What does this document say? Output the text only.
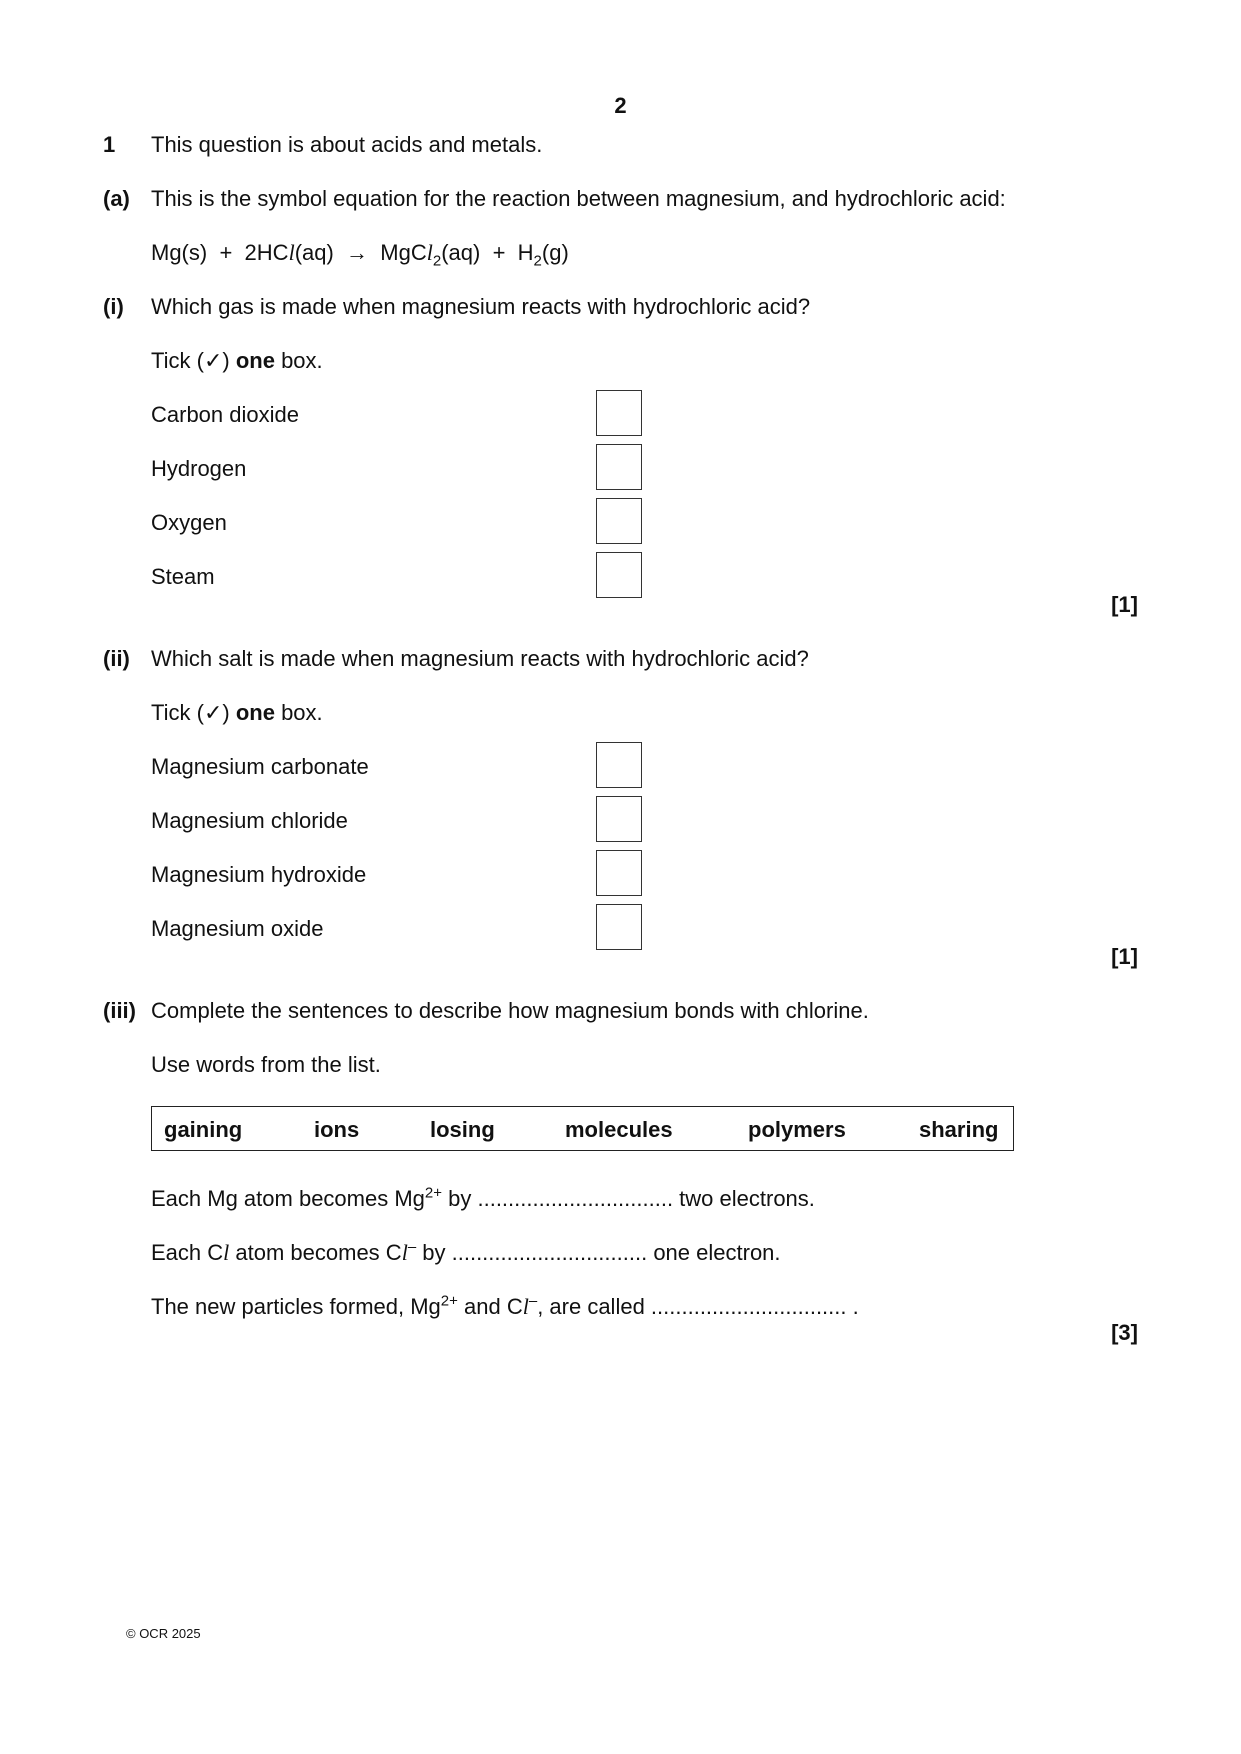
2
1 This question is about acids and metals.
(a) This is the symbol equation for the reaction between magnesium, and hydrochloric acid:
Mg(s) + 2HCl(aq) → MgCl$_2$(aq) + $H_2(g)$
(i) Which gas is made when magnesium reacts with hydrochloric acid?
Tick (✓) one box.
Carbon dioxide
Hydrogen
Oxygen
Steam
[1]
(ii) Which salt is made when magnesium reacts with hydrochloric acid?
Tick (✓) one box.
Magnesium carbonate
Magnesium chloride
Magnesium hydroxide
Magnesium oxide
[1]
(iii) Complete the sentences to describe how magnesium bonds with chlorine.
Use words from the list.
gaining	ions	losing	molecules	polymers	sharing
Each Mg atom becomes $Mg^{2+}$ by ................................ two electrons.
Each Cl atom becomes Cl– by ................................ one electron.
The new particles formed, $Mg^{2+}$ and Cl–, are called ................................ .
[3]
© OCR 2025
